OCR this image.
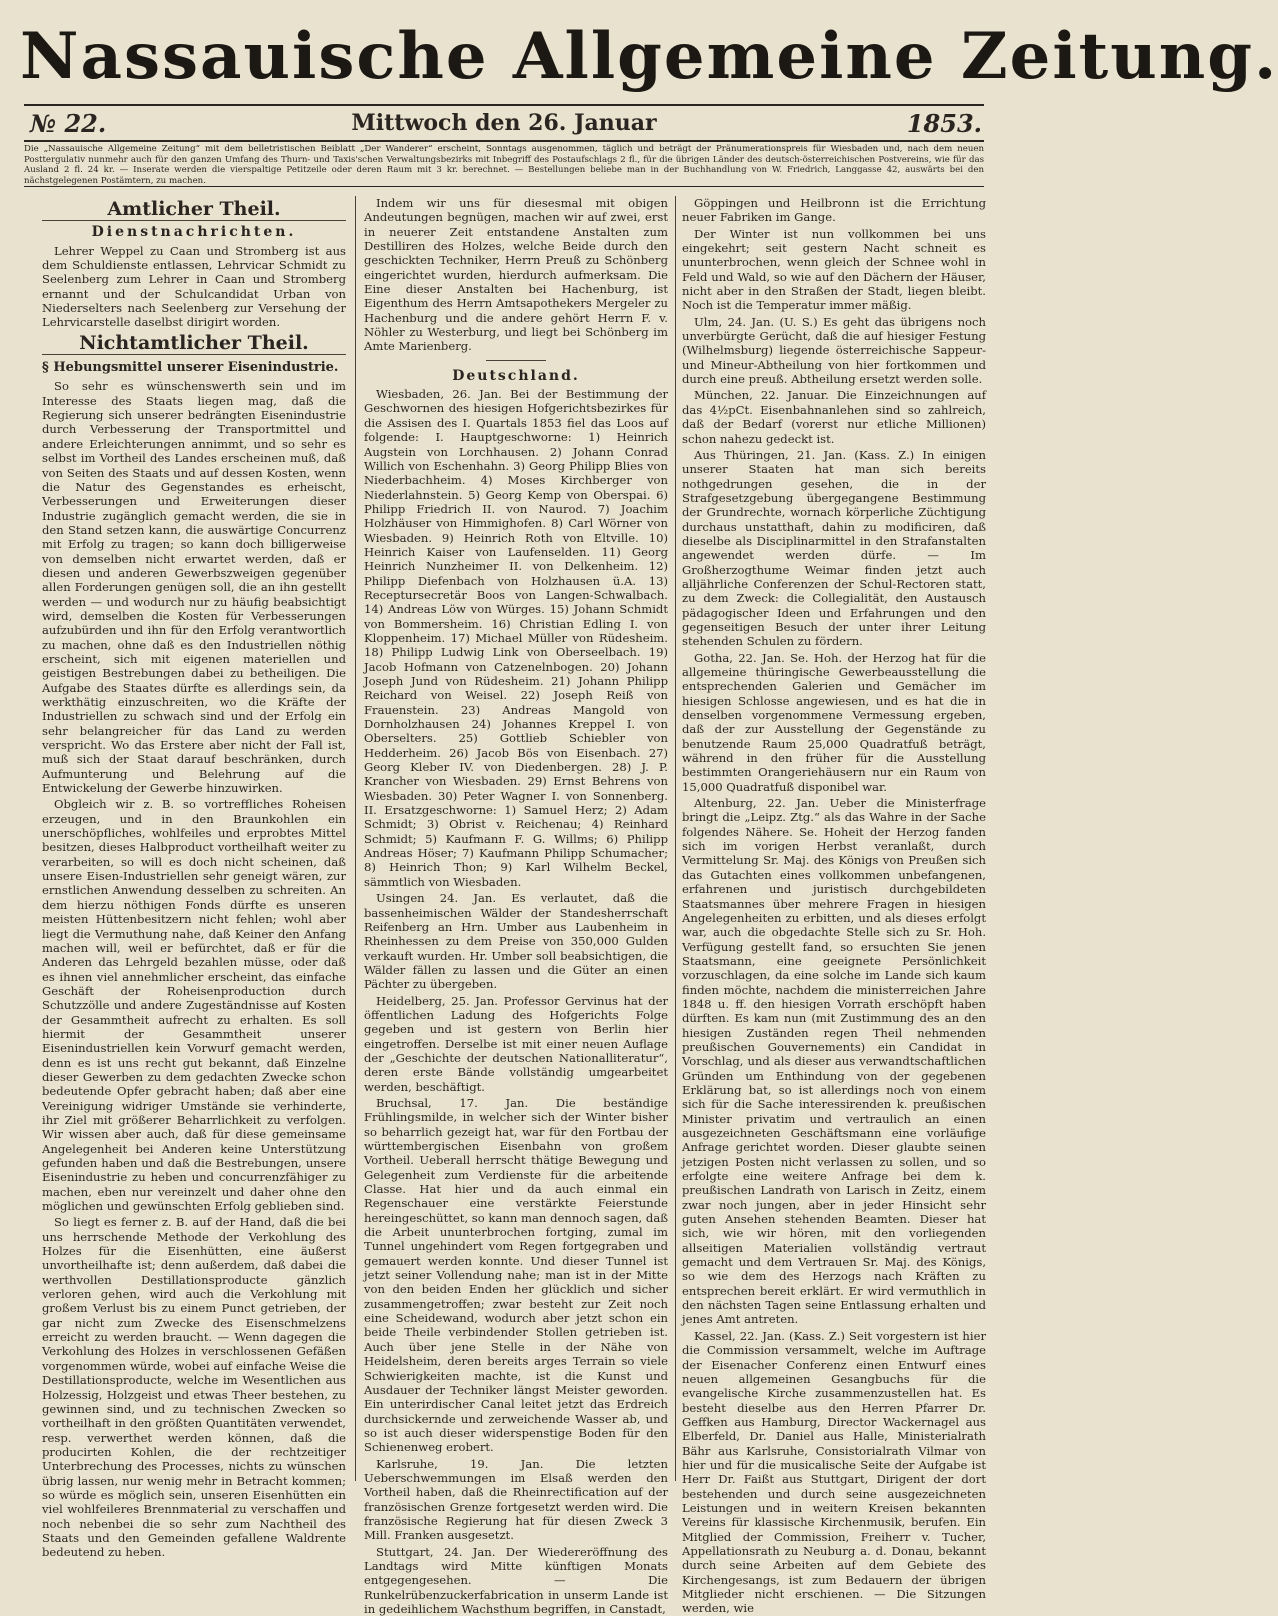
Nassauische Allgemeine Zeitung.
№ 22.	Mittwoch den 26. Januar	1853.
Die „Nassauische Allgemeine Zeitung“ mit dem belletristischen Beiblatt „Der Wanderer“ erscheint, Sonntags ausgenommen, täglich und beträgt der Pränumerationspreis für Wiesbaden und, nach dem neuen Posttergulativ nunmehr auch für den ganzen Umfang des Thurn- und Taxis'schen Verwaltungsbezirks mit Inbegriff des Postaufschlags 2 fl., für die übrigen Länder des deutsch-österreichischen Postvereins, wie für das Ausland 2 fl. 24 kr. — Inserate werden die vierspaltige Petitzeile oder deren Raum mit 3 kr. berechnet. — Bestellungen beliebe man in der Buchhandlung von W. Friedrich, Langgasse 42, auswärts bei den nächstgelegenen Postämtern, zu machen.
Amtlicher Theil.
Dienstnachrichten.

Lehrer Weppel zu Caan und Stromberg ist aus dem Schuldienste entlassen, Lehrvicar Schmidt zu Seelenberg zum Lehrer in Caan und Stromberg ernannt und der Schulcandidat Urban von Niederselters nach Seelenberg zur Versehung der Lehrvicarstelle daselbst dirigirt worden.

Nichtamtlicher Theil.
§ Hebungsmittel unserer Eisenindustrie.

So sehr es wünschenswerth sein und im Interesse des Staats liegen mag, daß die Regierung sich unserer bedrängten Eisenindustrie durch Verbesserung der Transportmittel und andere Erleichterungen annimmt, und so sehr es selbst im Vortheil des Landes erscheinen muß, daß von Seiten des Staats und auf dessen Kosten, wenn die Natur des Gegenstandes es erheischt, Verbesserungen und Erweiterungen dieser Industrie zugänglich gemacht werden, die sie in den Stand setzen kann, die auswärtige Concurrenz mit Erfolg zu tragen; so kann doch billigerweise von demselben nicht erwartet werden, daß er diesen und anderen Gewerbszweigen gegenüber allen Forderungen genügen soll, die an ihn gestellt werden — und wodurch nur zu häufig beabsichtigt wird, demselben die Kosten für Verbesserungen aufzubürden und ihn für den Erfolg verantwortlich zu machen, ohne daß es den Industriellen nöthig erscheint, sich mit eigenen materiellen und geistigen Bestrebungen dabei zu betheiligen. Die Aufgabe des Staates dürfte es allerdings sein, da werkthätig einzuschreiten, wo die Kräfte der Industriellen zu schwach sind und der Erfolg ein sehr belangreicher für das Land zu werden verspricht. Wo das Erstere aber nicht der Fall ist, muß sich der Staat darauf beschränken, durch Aufmunterung und Belehrung auf die Entwickelung der Gewerbe hinzuwirken.

Obgleich wir z. B. so vortreffliches Roheisen erzeugen, und in den Braunkohlen ein unerschöpfliches, wohlfeiles und erprobtes Mittel besitzen, dieses Halbproduct vortheilhaft weiter zu verarbeiten, so will es doch nicht scheinen, daß unsere Eisen-Industriellen sehr geneigt wären, zur ernstlichen Anwendung desselben zu schreiten. An dem hierzu nöthigen Fonds dürfte es unseren meisten Hüttenbesitzern nicht fehlen; wohl aber liegt die Vermuthung nahe, daß Keiner den Anfang machen will, weil er befürchtet, daß er für die Anderen das Lehrgeld bezahlen müsse, oder daß es ihnen viel annehmlicher erscheint, das einfache Geschäft der Roheisenproduction durch Schutzzölle und andere Zugeständnisse auf Kosten der Gesammtheit aufrecht zu erhalten. Es soll hiermit der Gesammtheit unserer Eisenindustriellen kein Vorwurf gemacht werden, denn es ist uns recht gut bekannt, daß Einzelne dieser Gewerben zu dem gedachten Zwecke schon bedeutende Opfer gebracht haben; daß aber eine Vereinigung widriger Umstände sie verhinderte, ihr Ziel mit größerer Beharrlichkeit zu verfolgen. Wir wissen aber auch, daß für diese gemeinsame Angelegenheit bei Anderen keine Unterstützung gefunden haben und daß die Bestrebungen, unsere Eisenindustrie zu heben und concurrenzfähiger zu machen, eben nur vereinzelt und daher ohne den möglichen und gewünschten Erfolg geblieben sind.

So liegt es ferner z. B. auf der Hand, daß die bei uns herrschende Methode der Verkohlung des Holzes für die Eisenhütten, eine äußerst unvortheilhafte ist; denn außerdem, daß dabei die werthvollen Destillationsproducte gänzlich verloren gehen, wird auch die Verkohlung mit großem Verlust bis zu einem Punct getrieben, der gar nicht zum Zwecke des Eisenschmelzens erreicht zu werden braucht. — Wenn dagegen die Verkohlung des Holzes in verschlossenen Gefäßen vorgenommen würde, wobei auf einfache Weise die Destillationsproducte, welche im Wesentlichen aus Holzessig, Holzgeist und etwas Theer bestehen, zu gewinnen sind, und zu technischen Zwecken so vortheilhaft in den größten Quantitäten verwendet, resp. verwerthet werden können, daß die producirten Kohlen, die der rechtzeitiger Unterbrechung des Processes, nichts zu wünschen übrig lassen, nur wenig mehr in Betracht kommen; so würde es möglich sein, unseren Eisenhütten ein viel wohlfeileres Brennmaterial zu verschaffen und noch nebenbei die so sehr zum Nachtheil des Staats und den Gemeinden gefallene Waldrente bedeutend zu heben.

Indem wir uns für diesesmal mit obigen Andeutungen begnügen, machen wir auf zwei, erst in neuerer Zeit entstandene Anstalten zum Destilliren des Holzes, welche Beide durch den geschickten Techniker, Herrn Preuß zu Schönberg eingerichtet wurden, hierdurch aufmerksam. Die Eine dieser Anstalten bei Hachenburg, ist Eigenthum des Herrn Amtsapothekers Mergeler zu Hachenburg und die andere gehört Herrn F. v. Nöhler zu Westerburg, und liegt bei Schönberg im Amte Marienberg.

Deutschland.

Wiesbaden, 26. Jan. Bei der Bestimmung der Geschwornen des hiesigen Hofgerichtsbezirkes für die Assisen des I. Quartals 1853 fiel das Loos auf folgende: I. Hauptgeschworne: 1) Heinrich Augstein von Lorchhausen. 2) Johann Conrad Willich von Eschenhahn. 3) Georg Philipp Blies von Niederbachheim. 4) Moses Kirchberger von Niederlahnstein. 5) Georg Kemp von Oberspai. 6) Philipp Friedrich II. von Naurod. 7) Joachim Holzhäuser von Himmighofen. 8) Carl Wörner von Wiesbaden. 9) Heinrich Roth von Eltville. 10) Heinrich Kaiser von Laufenselden. 11) Georg Heinrich Nunzheimer II. von Delkenheim. 12) Philipp Diefenbach von Holzhausen ü.A. 13) Receptursecretär Boos von Langen-Schwalbach. 14) Andreas Löw von Würges. 15) Johann Schmidt von Bommersheim. 16) Christian Edling I. von Kloppenheim. 17) Michael Müller von Rüdesheim. 18) Philipp Ludwig Link von Oberseelbach. 19) Jacob Hofmann von Catzenelnbogen. 20) Johann Joseph Jund von Rüdesheim. 21) Johann Philipp Reichard von Weisel. 22) Joseph Reiß von Frauenstein. 23) Andreas Mangold von Dornholzhausen 24) Johannes Kreppel I. von Oberselters. 25) Gottlieb Schiebler von Hedderheim. 26) Jacob Bös von Eisenbach. 27) Georg Kleber IV. von Diedenbergen. 28) J. P. Krancher von Wiesbaden. 29) Ernst Behrens von Wiesbaden. 30) Peter Wagner I. von Sonnenberg. II. Ersatzgeschworne: 1) Samuel Herz; 2) Adam Schmidt; 3) Obrist v. Reichenau; 4) Reinhard Schmidt; 5) Kaufmann F. G. Willms; 6) Philipp Andreas Höser; 7) Kaufmann Philipp Schumacher; 8) Heinrich Thon; 9) Karl Wilhelm Beckel, sämmtlich von Wiesbaden.

Usingen 24. Jan. Es verlautet, daß die bassenheimischen Wälder der Standesherrschaft Reifenberg an Hrn. Umber aus Laubenheim in Rheinhessen zu dem Preise von 350,000 Gulden verkauft wurden. Hr. Umber soll beabsichtigen, die Wälder fällen zu lassen und die Güter an einen Pächter zu übergeben.

Heidelberg, 25. Jan. Professor Gervinus hat der öffentlichen Ladung des Hofgerichts Folge gegeben und ist gestern von Berlin hier eingetroffen. Derselbe ist mit einer neuen Auflage der „Geschichte der deutschen Nationalliteratur“, deren erste Bände vollständig umgearbeitet werden, beschäftigt.

Bruchsal, 17. Jan. Die beständige Frühlingsmilde, in welcher sich der Winter bisher so beharrlich gezeigt hat, war für den Fortbau der württembergischen Eisenbahn von großem Vortheil. Ueberall herrscht thätige Bewegung und Gelegenheit zum Verdienste für die arbeitende Classe. Hat hier und da auch einmal ein Regenschauer eine verstärkte Feierstunde hereingeschüttet, so kann man dennoch sagen, daß die Arbeit ununterbrochen fortging, zumal im Tunnel ungehindert vom Regen fortgegraben und gemauert werden konnte. Und dieser Tunnel ist jetzt seiner Vollendung nahe; man ist in der Mitte von den beiden Enden her glücklich und sicher zusammengetroffen; zwar besteht zur Zeit noch eine Scheidewand, wodurch aber jetzt schon ein beide Theile verbindender Stollen getrieben ist. Auch über jene Stelle in der Nähe von Heidelsheim, deren bereits arges Terrain so viele Schwierigkeiten machte, ist die Kunst und Ausdauer der Techniker längst Meister geworden. Ein unterirdischer Canal leitet jetzt das Erdreich durchsickernde und zerweichende Wasser ab, und so ist auch dieser widerspenstige Boden für den Schienenweg erobert.

Karlsruhe, 19. Jan. Die letzten Ueberschwemmungen im Elsaß werden den Vortheil haben, daß die Rheinrectification auf der französischen Grenze fortgesetzt werden wird. Die französische Regierung hat für diesen Zweck 3 Mill. Franken ausgesetzt.

Stuttgart, 24. Jan. Der Wiedereröffnung des Landtags wird Mitte künftigen Monats entgegengesehen. — Die Runkelrübenzuckerfabrication in unserm Lande ist in gedeihlichem Wachsthum begriffen, in Canstadt,

Göppingen und Heilbronn ist die Errichtung neuer Fabriken im Gange.

Der Winter ist nun vollkommen bei uns eingekehrt; seit gestern Nacht schneit es ununterbrochen, wenn gleich der Schnee wohl in Feld und Wald, so wie auf den Dächern der Häuser, nicht aber in den Straßen der Stadt, liegen bleibt. Noch ist die Temperatur immer mäßig.

Ulm, 24. Jan. (U. S.) Es geht das übrigens noch unverbürgte Gerücht, daß die auf hiesiger Festung (Wilhelmsburg) liegende österreichische Sappeur- und Mineur-Abtheilung von hier fortkommen und durch eine preuß. Abtheilung ersetzt werden solle.

München, 22. Januar. Die Einzeichnungen auf das 4½pCt. Eisenbahnanlehen sind so zahlreich, daß der Bedarf (vorerst nur etliche Millionen) schon nahezu gedeckt ist.

Aus Thüringen, 21. Jan. (Kass. Z.) In einigen unserer Staaten hat man sich bereits nothgedrungen gesehen, die in der Strafgesetzgebung übergegangene Bestimmung der Grundrechte, wornach körperliche Züchtigung durchaus unstatthaft, dahin zu modificiren, daß dieselbe als Disciplinarmittel in den Strafanstalten angewendet werden dürfe. — Im Großherzogthume Weimar finden jetzt auch alljährliche Conferenzen der Schul-Rectoren statt, zu dem Zweck: die Collegialität, den Austausch pädagogischer Ideen und Erfahrungen und den gegenseitigen Besuch der unter ihrer Leitung stehenden Schulen zu fördern.

Gotha, 22. Jan. Se. Hoh. der Herzog hat für die allgemeine thüringische Gewerbeausstellung die entsprechenden Galerien und Gemächer im hiesigen Schlosse angewiesen, und es hat die in denselben vorgenommene Vermessung ergeben, daß der zur Ausstellung der Gegenstände zu benutzende Raum 25,000 Quadratfuß beträgt, während in den früher für die Ausstellung bestimmten Orangeriehäusern nur ein Raum von 15,000 Quadratfuß disponibel war.

Altenburg, 22. Jan. Ueber die Ministerfrage bringt die „Leipz. Ztg.“ als das Wahre in der Sache folgendes Nähere. Se. Hoheit der Herzog fanden sich im vorigen Herbst veranlaßt, durch Vermittelung Sr. Maj. des Königs von Preußen sich das Gutachten eines vollkommen unbefangenen, erfahrenen und juristisch durchgebildeten Staatsmannes über mehrere Fragen in hiesigen Angelegenheiten zu erbitten, und als dieses erfolgt war, auch die obgedachte Stelle sich zu Sr. Hoh. Verfügung gestellt fand, so ersuchten Sie jenen Staatsmann, eine geeignete Persönlichkeit vorzuschlagen, da eine solche im Lande sich kaum finden möchte, nachdem die ministerreichen Jahre 1848 u. ff. den hiesigen Vorrath erschöpft haben dürften. Es kam nun (mit Zustimmung des an den hiesigen Zuständen regen Theil nehmenden preußischen Gouvernements) ein Candidat in Vorschlag, und als dieser aus verwandtschaftlichen Gründen um Enthindung von der gegebenen Erklärung bat, so ist allerdings noch von einem sich für die Sache interessirenden k. preußischen Minister privatim und vertraulich an einen ausgezeichneten Geschäftsmann eine vorläufige Anfrage gerichtet worden. Dieser glaubte seinen jetzigen Posten nicht verlassen zu sollen, und so erfolgte eine weitere Anfrage bei dem k. preußischen Landrath von Larisch in Zeitz, einem zwar noch jungen, aber in jeder Hinsicht sehr guten Ansehen stehenden Beamten. Dieser hat sich, wie wir hören, mit den vorliegenden allseitigen Materialien vollständig vertraut gemacht und dem Vertrauen Sr. Maj. des Königs, so wie dem des Herzogs nach Kräften zu entsprechen bereit erklärt. Er wird vermuthlich in den nächsten Tagen seine Entlassung erhalten und jenes Amt antreten.

Kassel, 22. Jan. (Kass. Z.) Seit vorgestern ist hier die Commission versammelt, welche im Auftrage der Eisenacher Conferenz einen Entwurf eines neuen allgemeinen Gesangbuchs für die evangelische Kirche zusammenzustellen hat. Es besteht dieselbe aus den Herren Pfarrer Dr. Geffken aus Hamburg, Director Wackernagel aus Elberfeld, Dr. Daniel aus Halle, Ministerialrath Bähr aus Karlsruhe, Consistorialrath Vilmar von hier und für die musicalische Seite der Aufgabe ist Herr Dr. Faißt aus Stuttgart, Dirigent der dort bestehenden und durch seine ausgezeichneten Leistungen und in weitern Kreisen bekannten Vereins für klassische Kirchenmusik, berufen. Ein Mitglied der Commission, Freiherr v. Tucher, Appellationsrath zu Neuburg a. d. Donau, bekannt durch seine Arbeiten auf dem Gebiete des Kirchengesangs, ist zum Bedauern der übrigen Mitglieder nicht erschienen. — Die Sitzungen werden, wie
